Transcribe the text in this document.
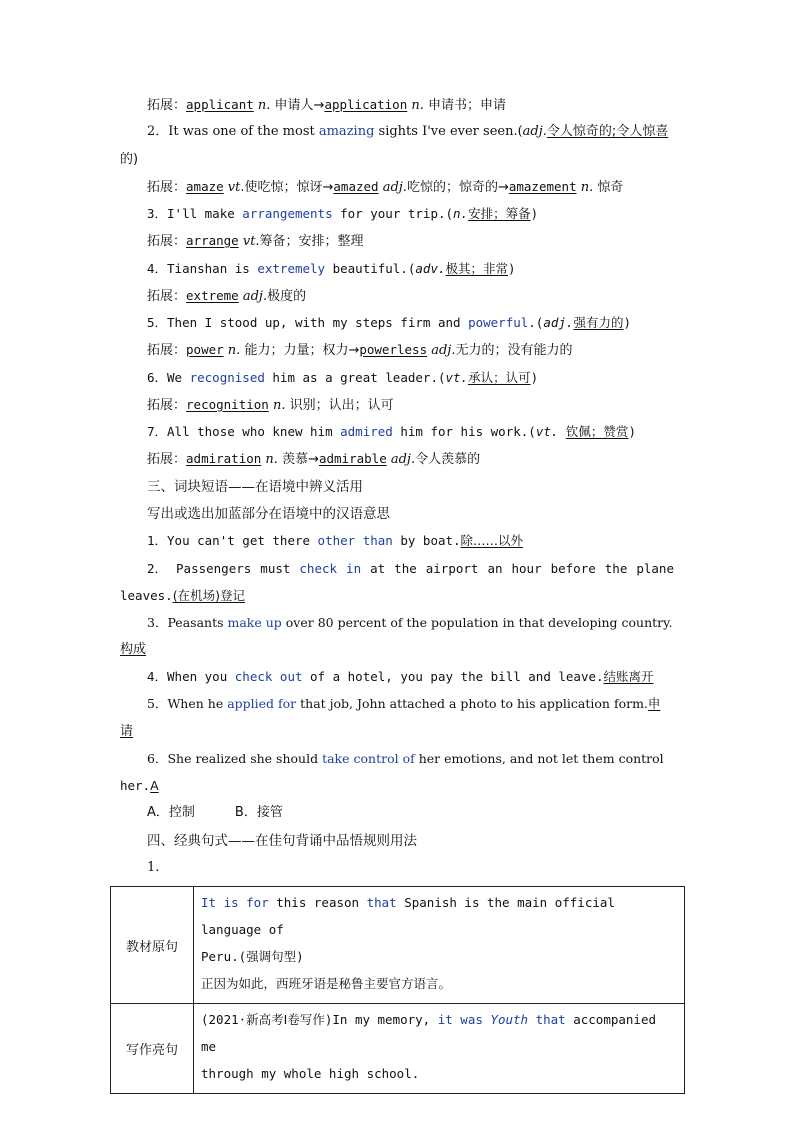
拓展：applicant n. 申请人→application n. 申请书；申请
2．It was one of the most amazing sights I've ever seen.(adj.令人惊奇的;令人惊喜
的)
拓展：amaze vt.使吃惊；惊讶→amazed adj.吃惊的；惊奇的→amazement n. 惊奇
3．I'll make arrangements for your trip.(n.安排；筹备)
拓展：arrange vt.筹备；安排；整理
4．Tianshan is extremely beautiful.(adv.极其；非常)
拓展：extreme adj.极度的
5．Then I stood up, with my steps firm and powerful.(adj.强有力的)
拓展：power n. 能力；力量；权力→powerless adj.无力的；没有能力的
6．We recognised him as a great leader.(vt.承认；认可)
拓展：recognition n. 识别；认出；认可
7．All those who knew him admired him for his work.(vt. 钦佩；赞赏)
拓展：admiration n. 羡慕→admirable adj.令人羡慕的
三、词块短语——在语境中辨义活用
写出或选出加蓝部分在语境中的汉语意思
1．You can't get there other than by boat.除……以外
2． Passengers must check in at the airport an hour before the plane
leaves.(在机场)登记
3．Peasants make up over 80 percent of the population in that developing country.
构成
4．When you check out of a hotel, you pay the bill and leave.结账离开
5．When he applied for that job, John attached a photo to his application form.申
请
6．She realized she should take control of her emotions, and not let them control
her.A
A．控制	B．接管
四、经典句式——在佳句背诵中品悟规则用法
1.
教材原句	It is for this reason that Spanish is the main official language of
Peru.(强调句型)
正因为如此，西班牙语是秘鲁主要官方语言。

写作亮句	(2021·新高考Ⅰ卷写作)In my memory, it was Youth that accompanied me
through my whole high school.
